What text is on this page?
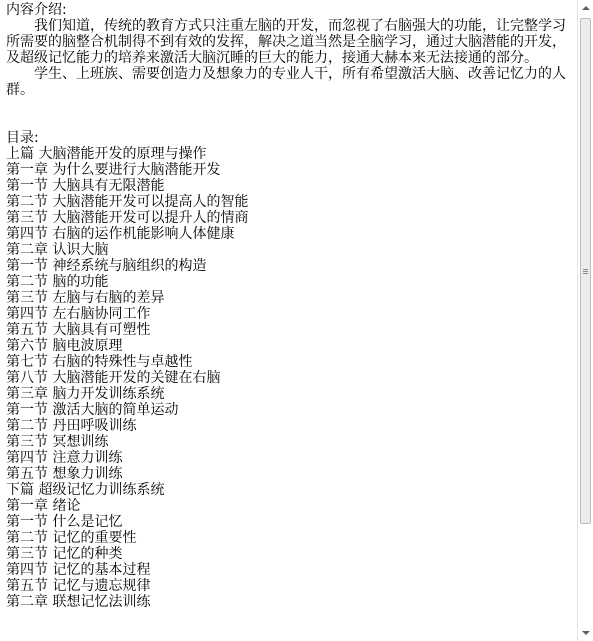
内容介绍:
　　我们知道，传统的教育方式只注重左脑的开发，而忽视了右脑强大的功能，让完整学习所需要的脑整合机制得不到有效的发挥，解决之道当然是全脑学习，通过大脑潜能的开发，及超级记忆能力的培养来激活大脑沉睡的巨大的能力，接通大赫本来无法接通的部分。
　　学生、上班族、需要创造力及想象力的专业人干，所有希望激活大脑、改善记忆力的人群。
目录:
上篇 大脑潜能开发的原理与操作
第一章 为什么要进行大脑潜能开发
第一节 大脑具有无限潜能
第二节 大脑潜能开发可以提高人的智能
第三节 大脑潜能开发可以提升人的情商
第四节 右脑的运作机能影响人体健康
第二章 认识大脑
第一节 神经系统与脑组织的构造
第二节 脑的功能
第三节 左脑与右脑的差异
第四节 左右脑协同工作
第五节 大脑具有可塑性
第六节 脑电波原理
第七节 右脑的特殊性与卓越性
第八节 大脑潜能开发的关键在右脑
第三章 脑力开发训练系统
第一节 激活大脑的简单运动
第二节 丹田呼吸训练
第三节 冥想训练
第四节 注意力训练
第五节 想象力训练
下篇 超级记忆力训练系统
第一章 绪论
第一节 什么是记忆
第二节 记忆的重要性
第三节 记忆的种类
第四节 记忆的基本过程
第五节 记忆与遗忘规律
第二章 联想记忆法训练
